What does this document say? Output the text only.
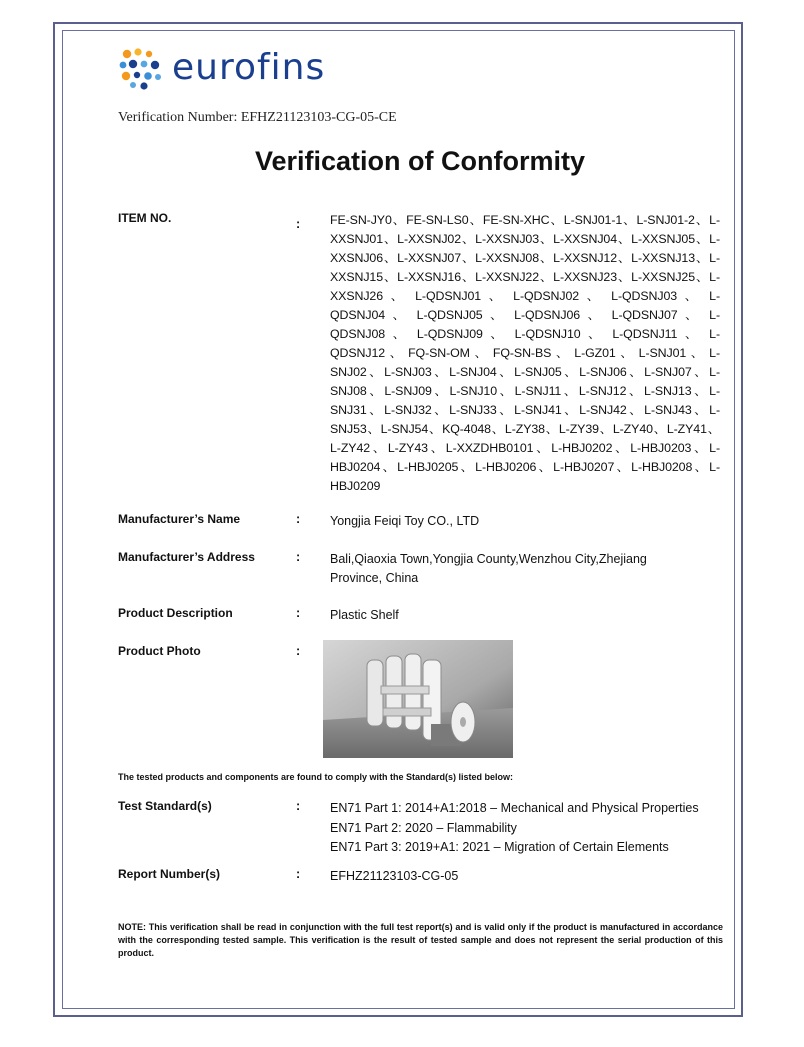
eurofins
Verification Number: EFHZ21123103-CG-05-CE
Verification of Conformity
ITEM NO.	: FE-SN-JY0、FE-SN-LS0、FE-SN-XHC、L-SNJ01-1、L-SNJ01-2、L-XXSNJ01、L-XXSNJ02、L-XXSNJ03、L-XXSNJ04、L-XXSNJ05、L-XXSNJ06、L-XXSNJ07、L-XXSNJ08、L-XXSNJ12、L-XXSNJ13、L-XXSNJ15、L-XXSNJ16、L-XXSNJ22、L-XXSNJ23、L-XXSNJ25、L-XXSNJ26 、 L-QDSNJ01 、 L-QDSNJ02 、 L-QDSNJ03 、 L-QDSNJ04 、 L-QDSNJ05 、 L-QDSNJ06 、 L-QDSNJ07 、 L-QDSNJ08 、 L-QDSNJ09 、 L-QDSNJ10 、 L-QDSNJ11 、 L-QDSNJ12 、 FQ-SN-OM 、 FQ-SN-BS 、 L-GZ01 、 L-SNJ01 、 L-SNJ02、L-SNJ03、L-SNJ04、L-SNJ05、L-SNJ06、L-SNJ07、L-SNJ08、L-SNJ09、L-SNJ10、L-SNJ11、L-SNJ12、L-SNJ13、L-SNJ31、L-SNJ32、L-SNJ33、L-SNJ41、L-SNJ42、L-SNJ43、L-SNJ53、L-SNJ54、KQ-4048、L-ZY38、L-ZY39、L-ZY40、L-ZY41、L-ZY42、L-ZY43、L-XXZDHB0101、L-HBJ0202、L-HBJ0203、L-HBJ0204、L-HBJ0205、L-HBJ0206、L-HBJ0207、L-HBJ0208、L-HBJ0209
Manufacturer’s Name	: Yongjia Feiqi Toy CO., LTD
Manufacturer’s Address	: Bali,Qiaoxia Town,Yongjia County,Wenzhou City,Zhejiang Province, China
Product Description	: Plastic Shelf
Product Photo	:
The tested products and components are found to comply with the Standard(s) listed below:
Test Standard(s)	: EN71 Part 1: 2014+A1:2018 – Mechanical and Physical Properties
EN71 Part 2: 2020 – Flammability
EN71 Part 3: 2019+A1: 2021 – Migration of Certain Elements
Report Number(s)	: EFHZ21123103-CG-05
NOTE: This verification shall be read in conjunction with the full test report(s) and is valid only if the product is manufactured in accordance with the corresponding tested sample. This verification is the result of tested sample and does not represent the serial production of this product.
